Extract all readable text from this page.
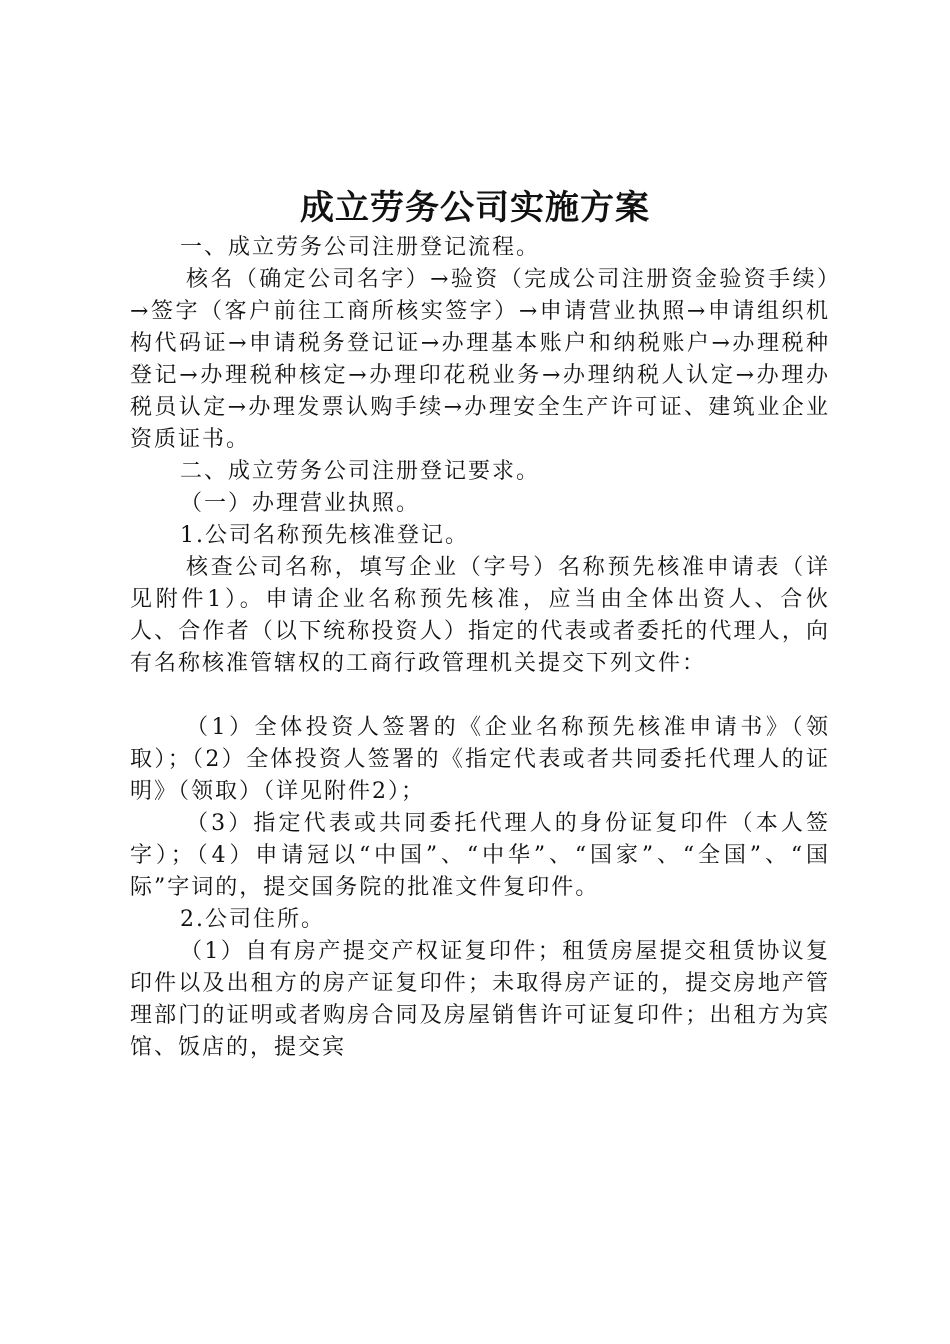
成立劳务公司实施方案

一、成立劳务公司注册登记流程。

核名（确定公司名字）→验资（完成公司注册资金验资手续）→签字（客户前往工商所核实签字）→申请营业执照→申请组织机构代码证→申请税务登记证→办理基本账户和纳税账户→办理税种登记→办理税种核定→办理印花税业务→办理纳税人认定→办理办税员认定→办理发票认购手续→办理安全生产许可证、建筑业企业资质证书。

二、成立劳务公司注册登记要求。

（一）办理营业执照。

1.公司名称预先核准登记。

核查公司名称，填写企业（字号）名称预先核准申请表（详见附件1）。申请企业名称预先核准，应当由全体出资人、合伙人、合作者（以下统称投资人）指定的代表或者委托的代理人，向有名称核准管辖权的工商行政管理机关提交下列文件：

（1）全体投资人签署的《企业名称预先核准申请书》（领取）；（2）全体投资人签署的《指定代表或者共同委托代理人的证明》（领取）（详见附件2）；

（3）指定代表或共同委托代理人的身份证复印件（本人签字）；（4）申请冠以“中国”、“中华”、“国家”、“全国”、“国际”字词的，提交国务院的批准文件复印件。

2.公司住所。

（1）自有房产提交产权证复印件；租赁房屋提交租赁协议复印件以及出租方的房产证复印件；未取得房产证的，提交房地产管理部门的证明或者购房合同及房屋销售许可证复印件；出租方为宾馆、饭店的，提交宾
